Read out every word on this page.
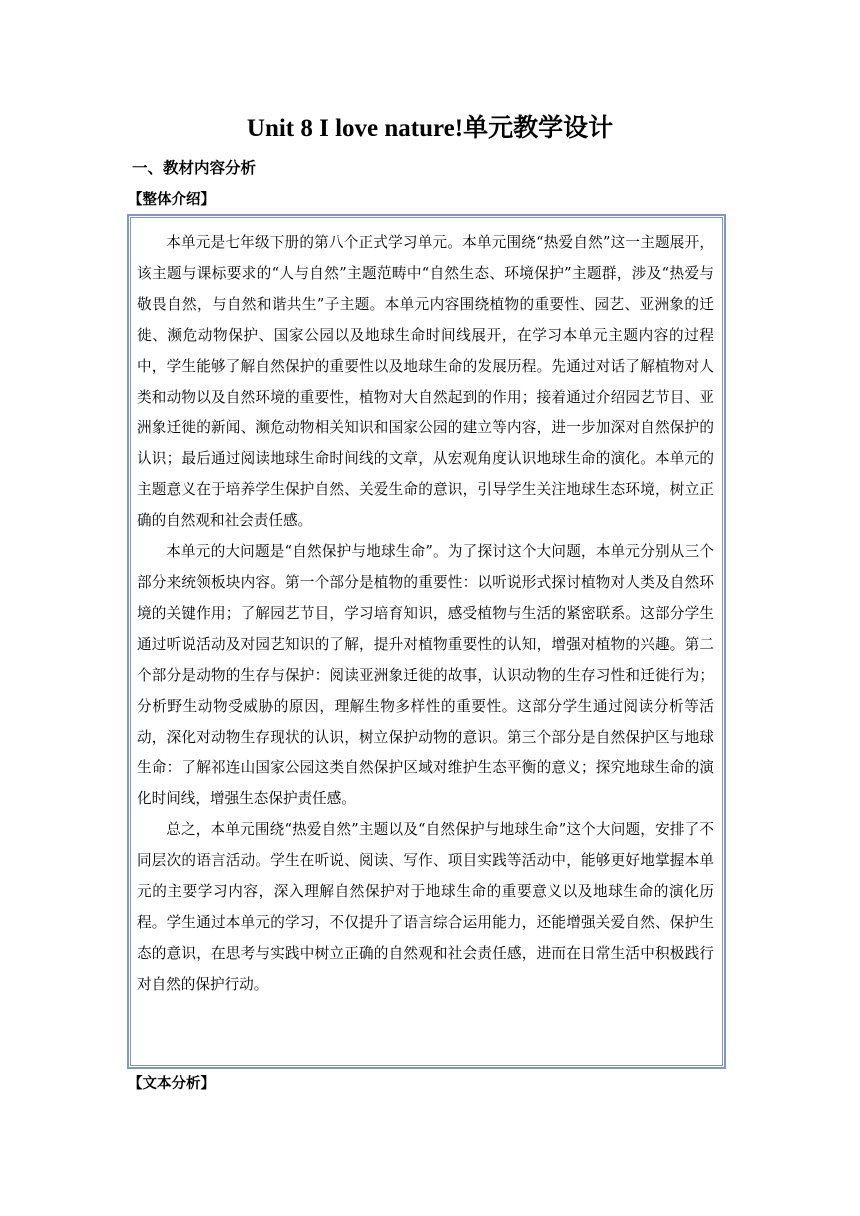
Unit 8 I love nature!单元教学设计
一、教材内容分析
【整体介绍】

本单元是七年级下册的第八个正式学习单元。本单元围绕“热爱自然”这一主题展开，该主题与课标要求的“人与自然”主题范畴中“自然生态、环境保护”主题群，涉及“热爱与敬畏自然，与自然和谐共生”子主题。本单元内容围绕植物的重要性、园艺、亚洲象的迁徙、濒危动物保护、国家公园以及地球生命时间线展开，在学习本单元主题内容的过程中，学生能够了解自然保护的重要性以及地球生命的发展历程。先通过对话了解植物对人类和动物以及自然环境的重要性，植物对大自然起到的作用；接着通过介绍园艺节目、亚洲象迁徙的新闻、濒危动物相关知识和国家公园的建立等内容，进一步加深对自然保护的认识；最后通过阅读地球生命时间线的文章，从宏观角度认识地球生命的演化。本单元的主题意义在于培养学生保护自然、关爱生命的意识，引导学生关注地球生态环境，树立正确的自然观和社会责任感。

本单元的大问题是“自然保护与地球生命”。为了探讨这个大问题，本单元分别从三个部分来统领板块内容。第一个部分是植物的重要性：以听说形式探讨植物对人类及自然环境的关键作用；了解园艺节目，学习培育知识，感受植物与生活的紧密联系。这部分学生通过听说活动及对园艺知识的了解，提升对植物重要性的认知，增强对植物的兴趣。第二个部分是动物的生存与保护：阅读亚洲象迁徙的故事，认识动物的生存习性和迁徙行为；分析野生动物受威胁的原因，理解生物多样性的重要性。这部分学生通过阅读分析等活动，深化对动物生存现状的认识，树立保护动物的意识。第三个部分是自然保护区与地球生命：了解祁连山国家公园这类自然保护区域对维护生态平衡的意义；探究地球生命的演化时间线，增强生态保护责任感。

总之，本单元围绕“热爱自然”主题以及“自然保护与地球生命”这个大问题，安排了不同层次的语言活动。学生在听说、阅读、写作、项目实践等活动中，能够更好地掌握本单元的主要学习内容，深入理解自然保护对于地球生命的重要意义以及地球生命的演化历程。学生通过本单元的学习，不仅提升了语言综合运用能力，还能增强关爱自然、保护生态的意识，在思考与实践中树立正确的自然观和社会责任感，进而在日常生活中积极践行对自然的保护行动。

【文本分析】
